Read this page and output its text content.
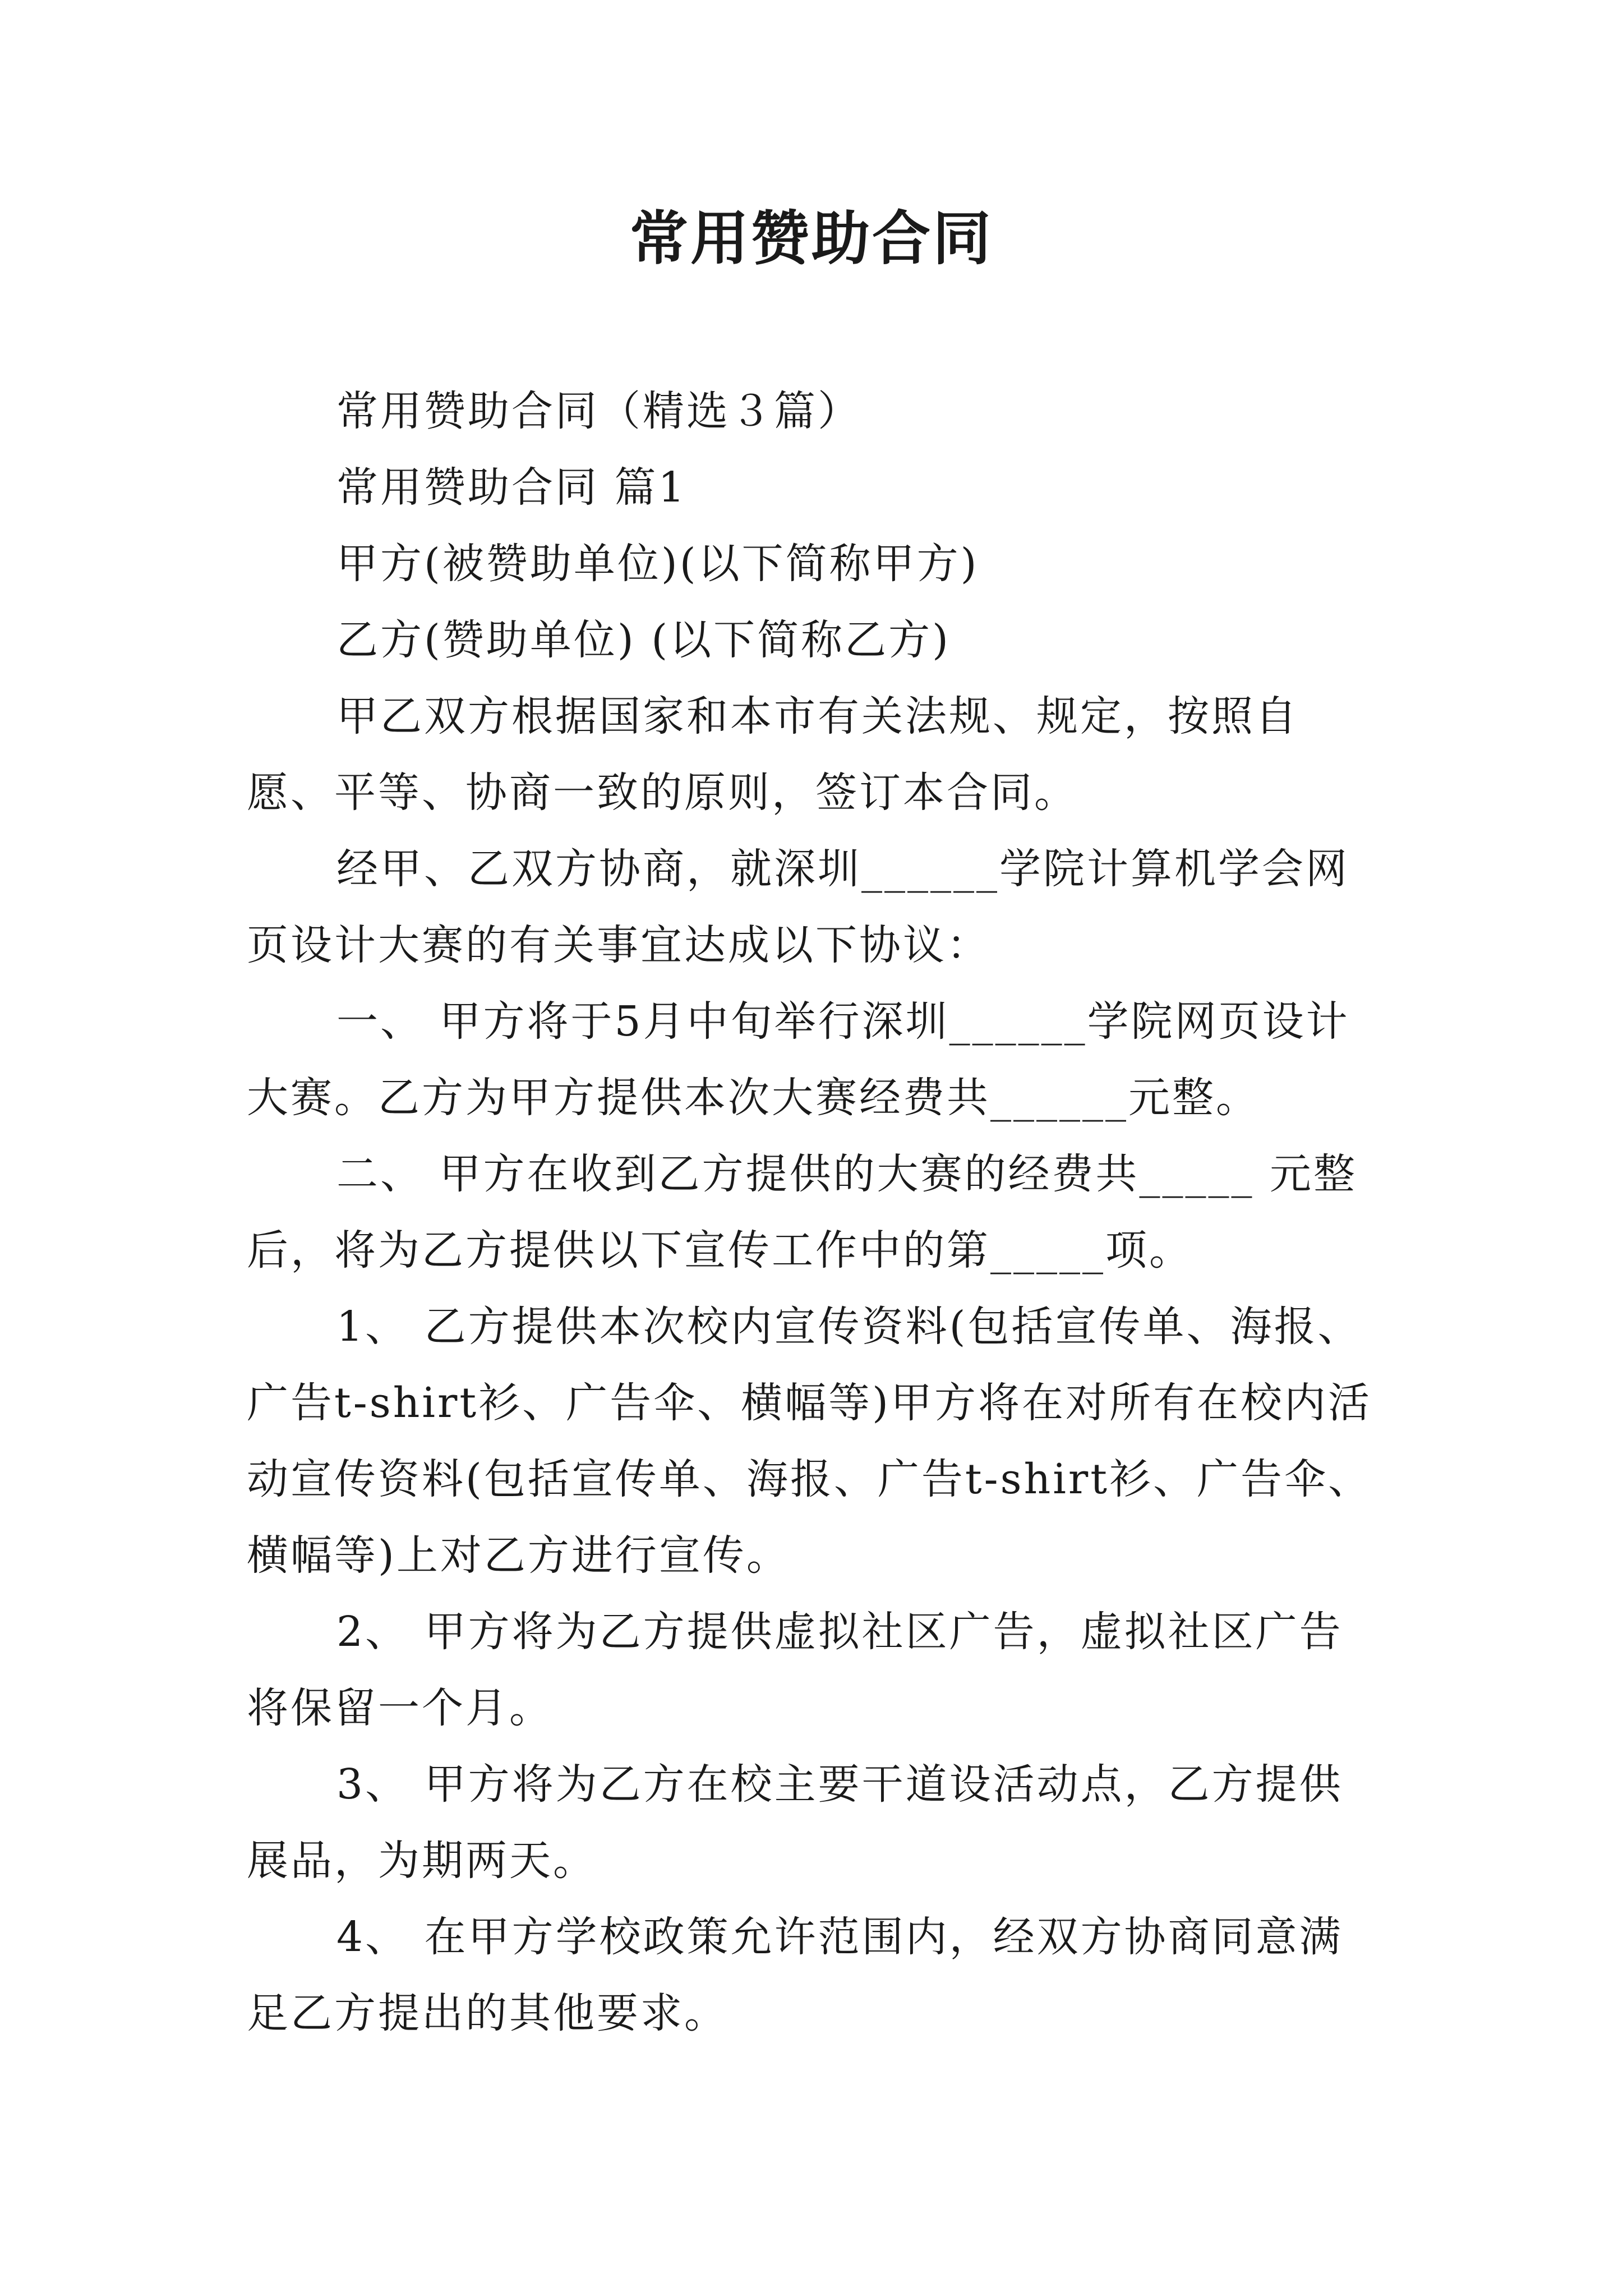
常用赞助合同

常用赞助合同（精选３篇）

常用赞助合同 篇1

甲方(被赞助单位)(以下简称甲方)

乙方(赞助单位) (以下简称乙方)

甲乙双方根据国家和本市有关法规、规定，按照自愿、平等、协商一致的原则，签订本合同。

经甲、乙双方协商，就深圳______学院计算机学会网页设计大赛的有关事宜达成以下协议：

一、 甲方将于5月中旬举行深圳______学院网页设计大赛。乙方为甲方提供本次大赛经费共______元整。

二、 甲方在收到乙方提供的大赛的经费共_____ 元整后，将为乙方提供以下宣传工作中的第_____项。

1、 乙方提供本次校内宣传资料(包括宣传单、海报、广告t-shirt衫、广告伞、横幅等)甲方将在对所有在校内活动宣传资料(包括宣传单、海报、广告t-shirt衫、广告伞、横幅等)上对乙方进行宣传。

2、 甲方将为乙方提供虚拟社区广告，虚拟社区广告将保留一个月。

3、 甲方将为乙方在校主要干道设活动点，乙方提供展品，为期两天。

4、 在甲方学校政策允许范围内，经双方协商同意满足乙方提出的其他要求。
